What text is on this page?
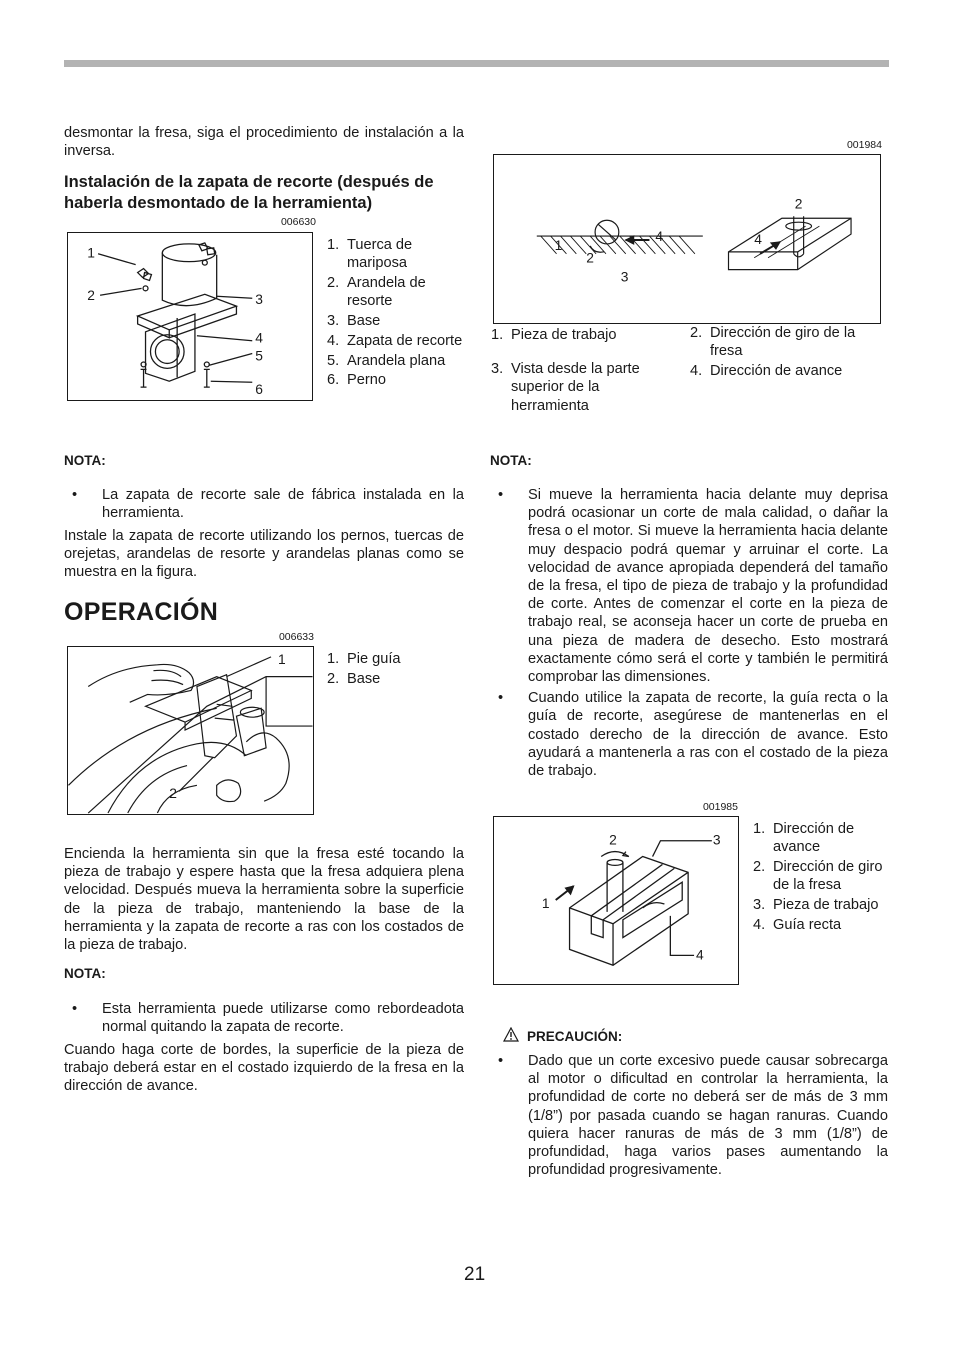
desmontar la fresa, siga el procedimiento de instalación a la inversa.

Instalación de la zapata de recorte (después de haberla desmontado de la herramienta)

006630
1
2	3
4
5
6
1. Tuerca de mariposa
2. Arandela de resorte
3. Base
4. Zapata de recorte
5. Arandela plana
6. Perno

NOTA:

•	La zapata de recorte sale de fábrica instalada en la herramienta.

Instale la zapata de recorte utilizando los pernos, tuercas de orejetas, arandelas de resorte y arandelas planas como se muestra en la figura.

OPERACIÓN

006633
1
2
1. Pie guía
2. Base

Encienda la herramienta sin que la fresa esté tocando la pieza de trabajo y espere hasta que la fresa adquiera plena velocidad. Después mueva la herramienta sobre la superficie de la pieza de trabajo, manteniendo la base de la herramienta y la zapata de recorte a ras con los costados de la pieza de trabajo.

NOTA:

•	Esta herramienta puede utilizarse como rebordeadota normal quitando la zapata de recorte.

Cuando haga corte de bordes, la superficie de la pieza de trabajo deberá estar en el costado izquierdo de la fresa en la dirección de avance.

001984
1
2
4
3
2
4
1. Pieza de trabajo
3. Vista desde la parte superior de la herramienta
2. Dirección de giro de la fresa
4. Dirección de avance

NOTA:

•	Si mueve la herramienta hacia delante muy deprisa podrá ocasionar un corte de mala calidad, o dañar la fresa o el motor. Si mueve la herramienta hacia delante muy despacio podrá quemar y arruinar el corte. La velocidad de avance apropiada dependerá del tamaño de la fresa, el tipo de pieza de trabajo y la profundidad de corte. Antes de comenzar el corte en la pieza de trabajo real, se aconseja hacer un corte de prueba en una pieza de madera de desecho. Esto mostrará exactamente cómo será el corte y también le permitirá comprobar las dimensiones.
•	Cuando utilice la zapata de recorte, la guía recta o la guía de recorte, asegúrese de mantenerlas en el costado derecho de la dirección de avance. Esto ayudará a mantenerla a ras con el costado de la pieza de trabajo.
001985
2	3
1
4
1. Dirección de avance
2. Dirección de giro de la fresa
3. Pieza de trabajo
4. Guía recta

PRECAUCIÓN:

•	Dado que un corte excesivo puede causar sobrecarga al motor o dificultad en controlar la herramienta, la profundidad de corte no deberá ser de más de 3 mm (1/8”) por pasada cuando se hagan ranuras. Cuando quiera hacer ranuras de más de 3 mm (1/8”) de profundidad, haga varios pases aumentando la profundidad progresivamente.
21
